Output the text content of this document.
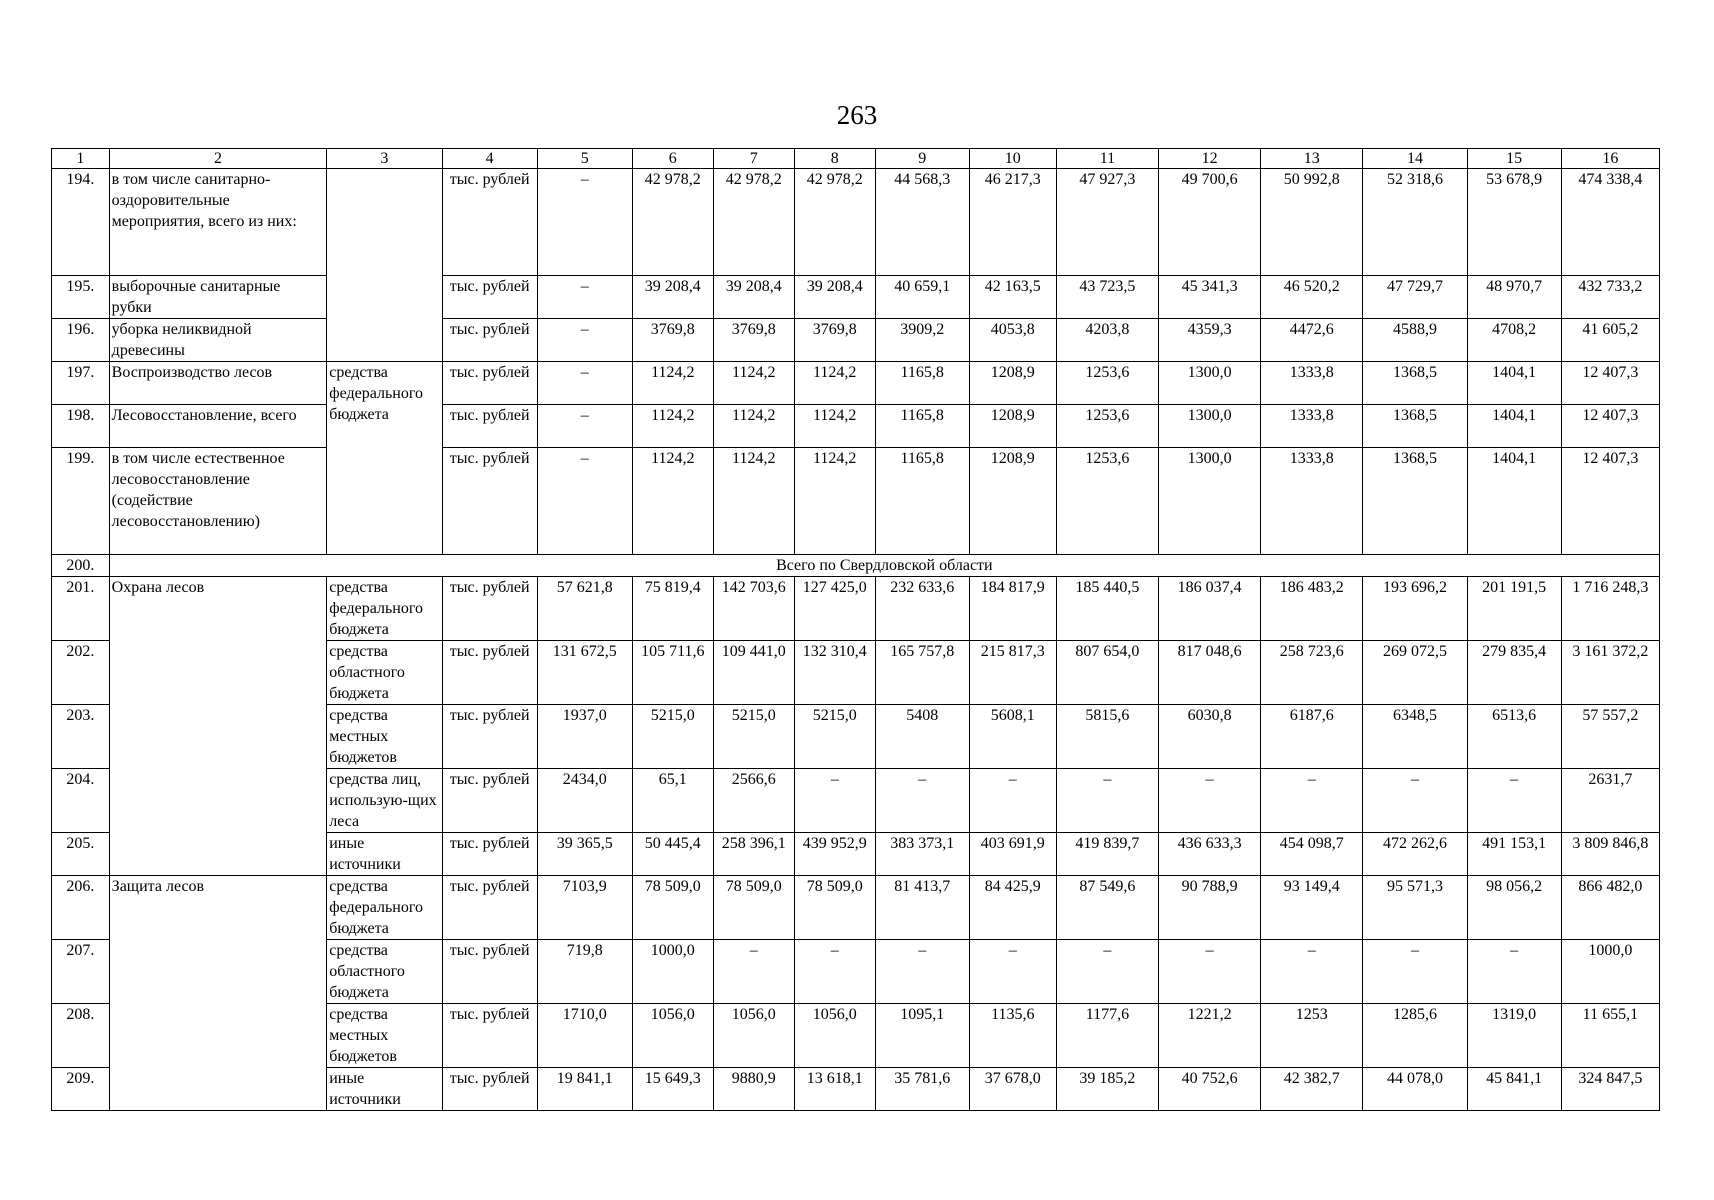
263
1	2	3	4	5	6	7	8	9	10	11	12	13	14	15	16
194.	в том числе санитарно-оздоровительные мероприятия, всего из них:		тыс. рублей	–	42 978,2	42 978,2	42 978,2	44 568,3	46 217,3	47 927,3	49 700,6	50 992,8	52 318,6	53 678,9	474 338,4
195.	выборочные санитарные рубки		тыс. рублей	–	39 208,4	39 208,4	39 208,4	40 659,1	42 163,5	43 723,5	45 341,3	46 520,2	47 729,7	48 970,7	432 733,2
196.	уборка неликвидной древесины		тыс. рублей	–	3769,8	3769,8	3769,8	3909,2	4053,8	4203,8	4359,3	4472,6	4588,9	4708,2	41 605,2
197.	Воспроизводство лесов	средства федерального бюджета	тыс. рублей	–	1124,2	1124,2	1124,2	1165,8	1208,9	1253,6	1300,0	1333,8	1368,5	1404,1	12 407,3
198.	Лесовосстановление, всего		тыс. рублей	–	1124,2	1124,2	1124,2	1165,8	1208,9	1253,6	1300,0	1333,8	1368,5	1404,1	12 407,3
199.	в том числе естественное лесовосстановление (содействие лесовосстановлению)		тыс. рублей	–	1124,2	1124,2	1124,2	1165,8	1208,9	1253,6	1300,0	1333,8	1368,5	1404,1	12 407,3
200.	Всего по Свердловской области														
201.	Охрана лесов	средства федерального бюджета	тыс. рублей	57 621,8	75 819,4	142 703,6	127 425,0	232 633,6	184 817,9	185 440,5	186 037,4	186 483,2	193 696,2	201 191,5	1 716 248,3
202.		средства областного бюджета	тыс. рублей	131 672,5	105 711,6	109 441,0	132 310,4	165 757,8	215 817,3	807 654,0	817 048,6	258 723,6	269 072,5	279 835,4	3 161 372,2
203.		средства местных бюджетов	тыс. рублей	1937,0	5215,0	5215,0	5215,0	5408	5608,1	5815,6	6030,8	6187,6	6348,5	6513,6	57 557,2
204.		средства лиц, использую-щих леса	тыс. рублей	2434,0	65,1	2566,6	–	–	–	–	–	–	–	–	2631,7
205.		иные источники	тыс. рублей	39 365,5	50 445,4	258 396,1	439 952,9	383 373,1	403 691,9	419 839,7	436 633,3	454 098,7	472 262,6	491 153,1	3 809 846,8
206.	Защита лесов	средства федерального бюджета	тыс. рублей	7103,9	78 509,0	78 509,0	78 509,0	81 413,7	84 425,9	87 549,6	90 788,9	93 149,4	95 571,3	98 056,2	866 482,0
207.		средства областного бюджета	тыс. рублей	719,8	1000,0	–	–	–	–	–	–	–	–	–	1000,0
208.		средства местных бюджетов	тыс. рублей	1710,0	1056,0	1056,0	1056,0	1095,1	1135,6	1177,6	1221,2	1253	1285,6	1319,0	11 655,1
209.		иные источники	тыс. рублей	19 841,1	15 649,3	9880,9	13 618,1	35 781,6	37 678,0	39 185,2	40 752,6	42 382,7	44 078,0	45 841,1	324 847,5
